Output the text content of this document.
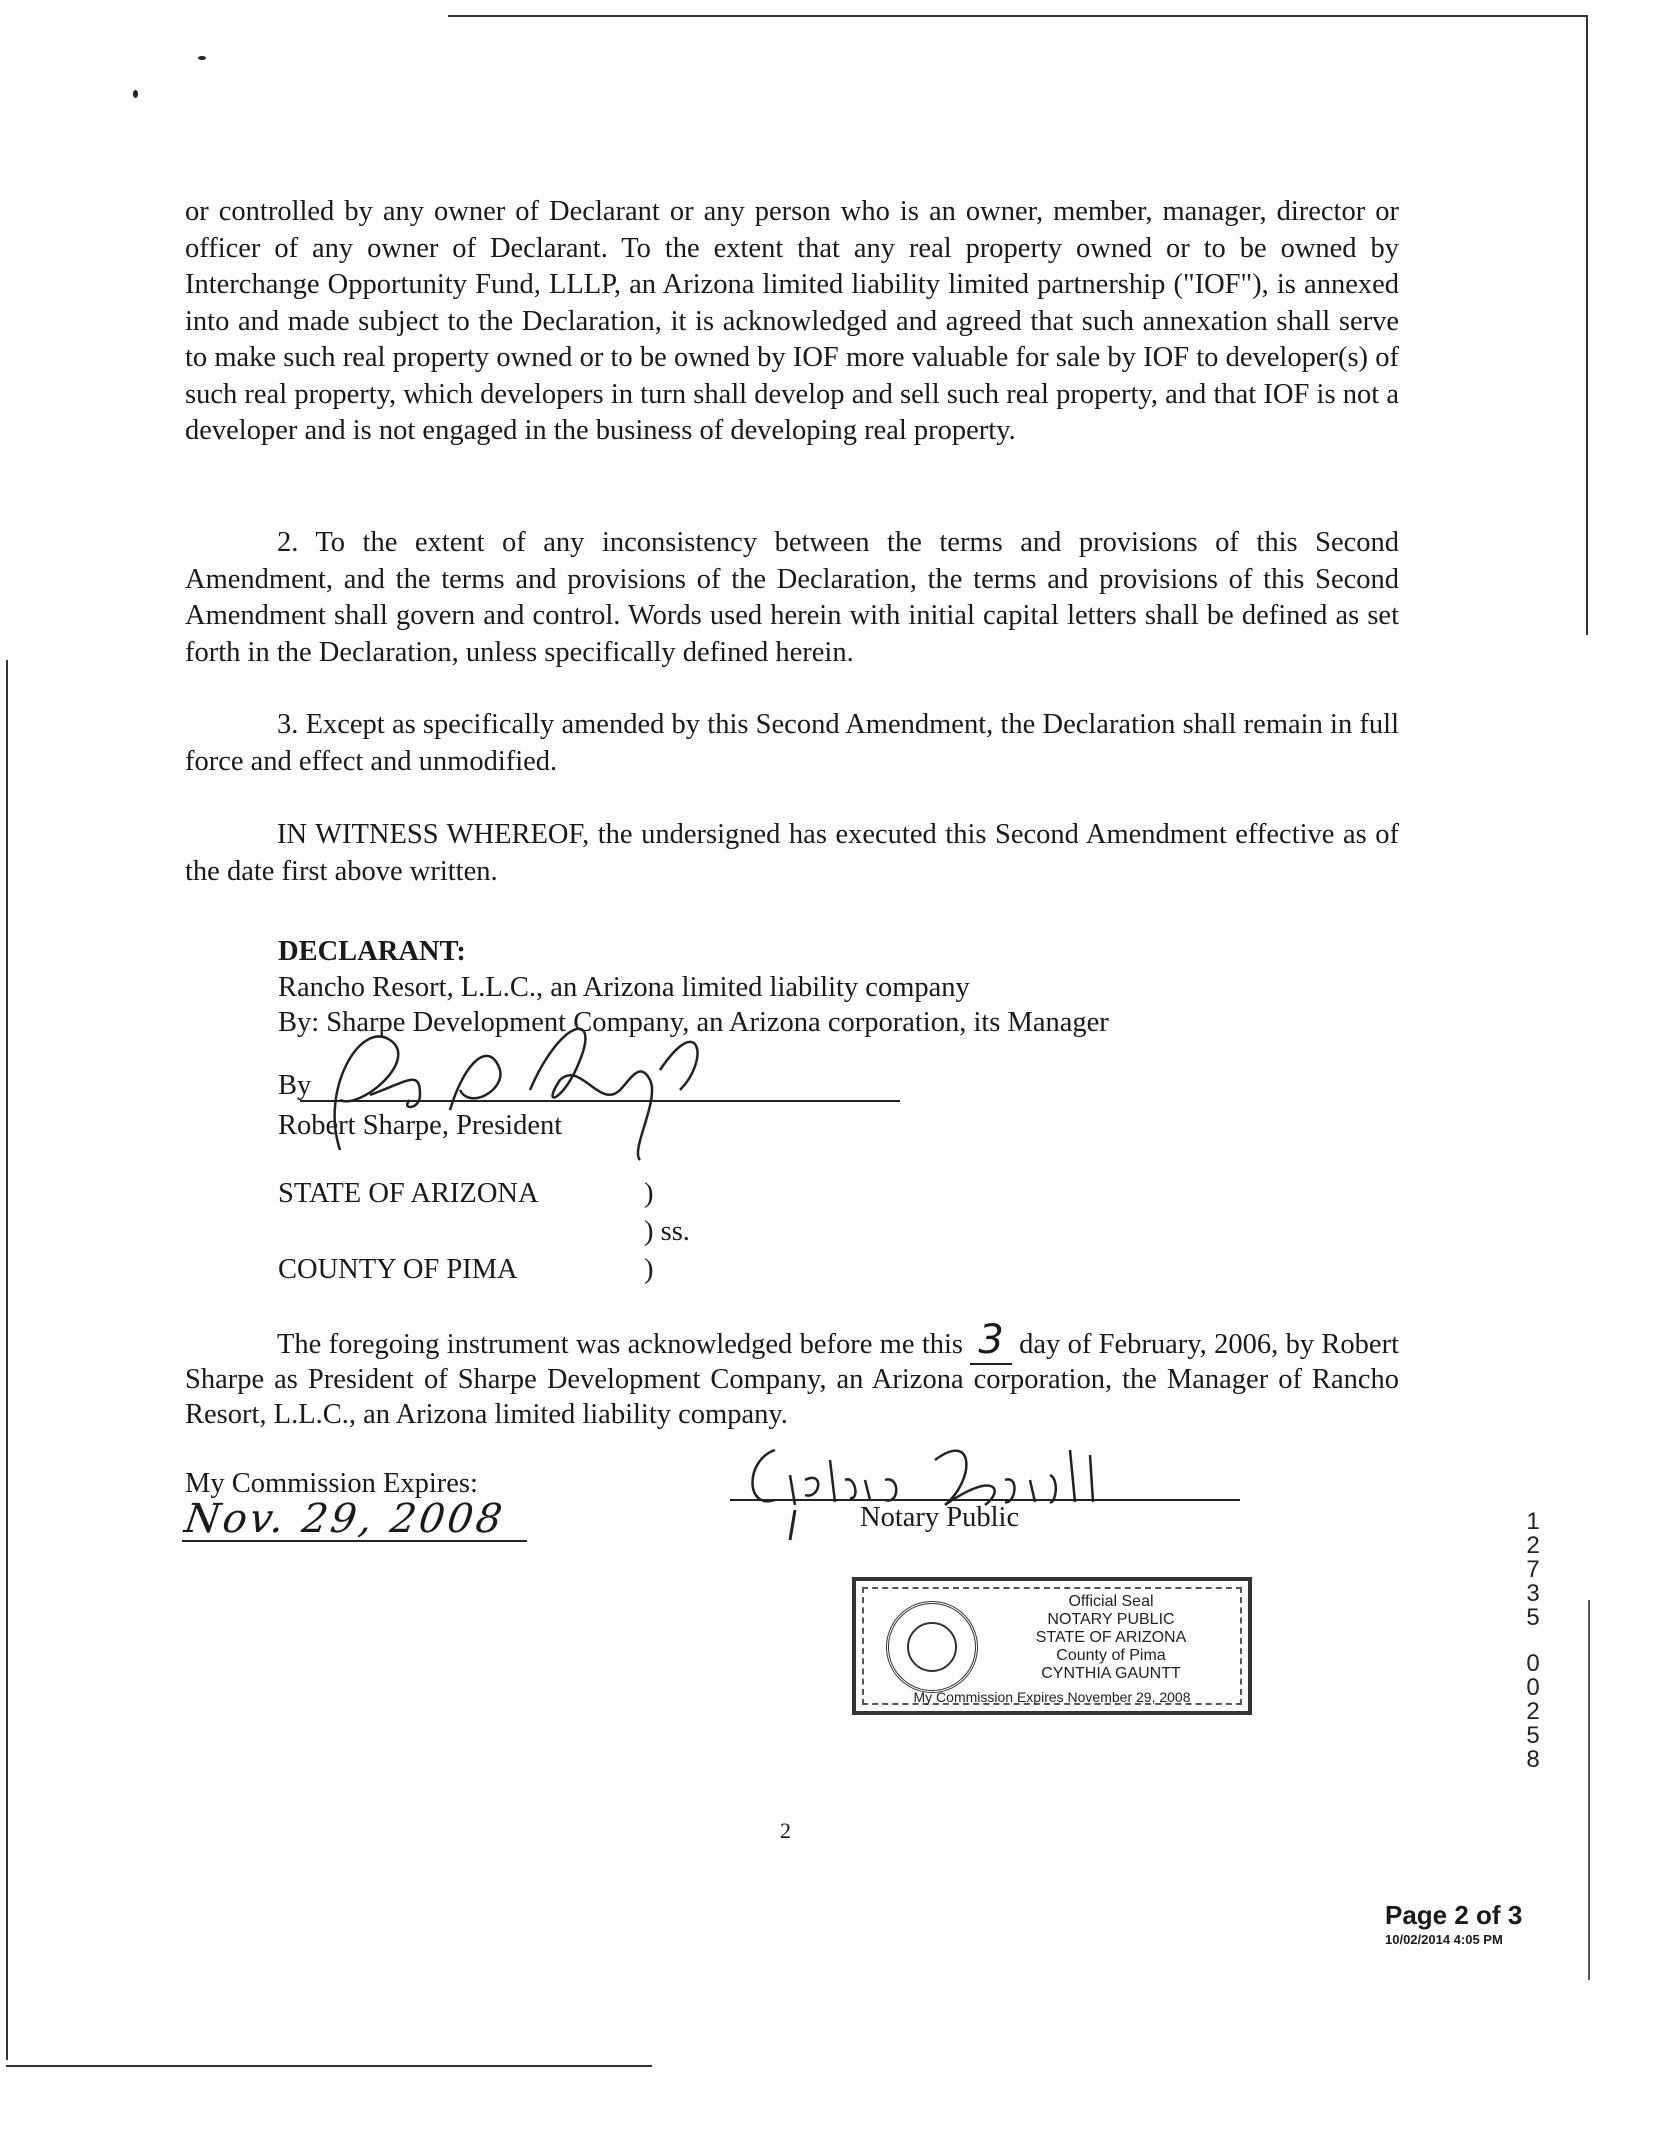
or controlled by any owner of Declarant or any person who is an owner, member, manager, director or officer of any owner of Declarant. To the extent that any real property owned or to be owned by Interchange Opportunity Fund, LLLP, an Arizona limited liability limited partnership ("IOF"), is annexed into and made subject to the Declaration, it is acknowledged and agreed that such annexation shall serve to make such real property owned or to be owned by IOF more valuable for sale by IOF to developer(s) of such real property, which developers in turn shall develop and sell such real property, and that IOF is not a developer and is not engaged in the business of developing real property.
2. To the extent of any inconsistency between the terms and provisions of this Second Amendment, and the terms and provisions of the Declaration, the terms and provisions of this Second Amendment shall govern and control. Words used herein with initial capital letters shall be defined as set forth in the Declaration, unless specifically defined herein.
3. Except as specifically amended by this Second Amendment, the Declaration shall remain in full force and effect and unmodified.
IN WITNESS WHEREOF, the undersigned has executed this Second Amendment effective as of the date first above written.
DECLARANT:
Rancho Resort, L.L.C., an Arizona limited liability company
By: Sharpe Development Company, an Arizona corporation, its Manager
By
Robert Sharpe, President
STATE OF ARIZONA
COUNTY OF PIMA
)
) ss.
)
The foregoing instrument was acknowledged before me this 3 day of February, 2006, by Robert Sharpe as President of Sharpe Development Company, an Arizona corporation, the Manager of Rancho Resort, L.L.C., an Arizona limited liability company.
My Commission Expires:
Nov. 29, 2008	Notary Public
Official Seal
NOTARY PUBLIC
STATE OF ARIZONA
County of Pima
CYNTHIA GAUNTT
My Commission Expires November 29, 2008
1
2
7
3
5
0
0
2
5
8
2
Page 2 of 3
10/02/2014 4:05 PM
